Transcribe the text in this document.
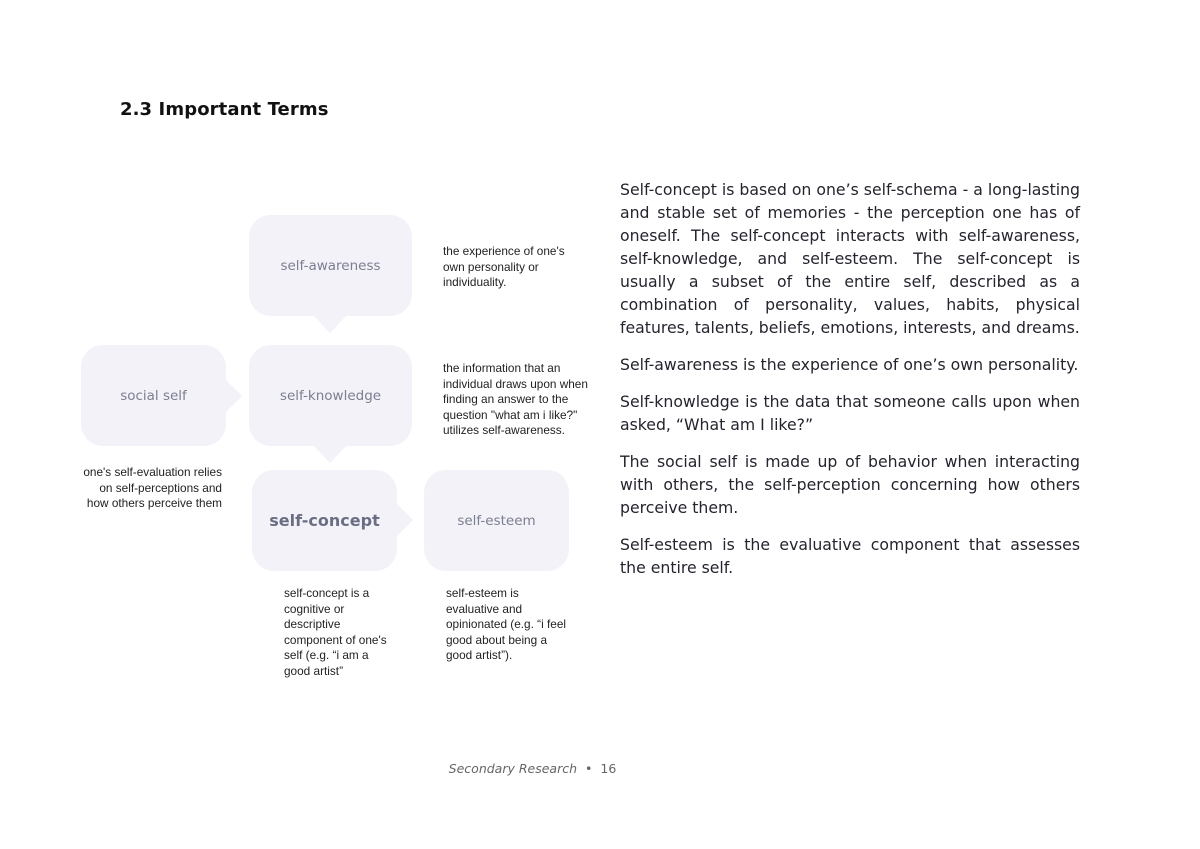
2.3 Important Terms
self-awareness
social self	self-knowledge
self-concept	self-esteem
the experience of one's
own personality or
individuality.
the information that an
individual draws upon when
finding an answer to the
question "what am i like?"
utilizes self-awareness.
one's self-evaluation relies
on self-perceptions and
how others perceive them
self-concept is a
cognitive or
descriptive
component of one's
self (e.g. “i am a
good artist”
self-esteem is
evaluative and
opinionated (e.g. “i feel
good about being a
good artist”).

Self-concept is based on one’s self-schema - a long-lasting and stable set of memories - the perception one has of oneself. The self-concept interacts with self-awareness, self-knowledge, and self-esteem. The self-concept is usually a subset of the entire self, described as a combination of personality, values, habits, physical features, talents, beliefs, emotions, interests, and dreams.

Self-awareness is the experience of one’s own personality.

Self-knowledge is the data that someone calls upon when asked, “What am I like?”

The social self is made up of behavior when interacting with others, the self-perception concerning how others perceive them.

Self-esteem is the evaluative component that assesses the entire self.

Secondary Research • 16
